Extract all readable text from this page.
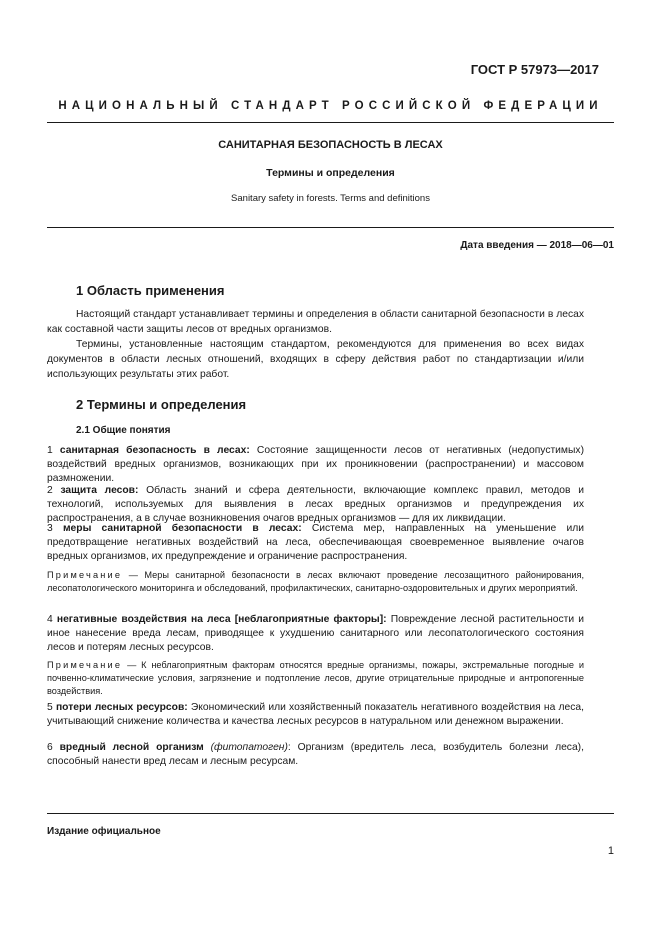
ГОСТ Р 57973—2017
НАЦИОНАЛЬНЫЙ СТАНДАРТ РОССИЙСКОЙ ФЕДЕРАЦИИ
САНИТАРНАЯ БЕЗОПАСНОСТЬ В ЛЕСАХ
Термины и определения
Sanitary safety in forests. Terms and definitions
Дата введения — 2018—06—01
1 Область применения

Настоящий стандарт устанавливает термины и определения в области санитарной безопасности в лесах как составной части защиты лесов от вредных организмов.

Термины, установленные настоящим стандартом, рекомендуются для применения во всех видах документов в области лесных отношений, входящих в сферу действия работ по стандартизации и/или использующих результаты этих работ.

2 Термины и определения
2.1 Общие понятия

1 санитарная безопасность в лесах: Состояние защищенности лесов от негативных (недопустимых) воздействий вредных организмов, возникающих при их проникновении (распространении) и массовом размножении.

2 защита лесов: Область знаний и сфера деятельности, включающие комплекс правил, методов и технологий, используемых для выявления в лесах вредных организмов и предупреждения их распространения, а в случае возникновения очагов вредных организмов — для их ликвидации.

3 меры санитарной безопасности в лесах: Система мер, направленных на уменьшение или предотвращение негативных воздействий на леса, обеспечивающая своевременное выявление очагов вредных организмов, их предупреждение и ограничение распространения.

Примечание — Меры санитарной безопасности в лесах включают проведение лесозащитного районирования, лесопатологического мониторинга и обследований, профилактических, санитарно-оздоровительных и других мероприятий.

4 негативные воздействия на леса [неблагоприятные факторы]: Повреждение лесной растительности и иное нанесение вреда лесам, приводящее к ухудшению санитарного или лесопатологического состояния лесов и потерям лесных ресурсов.

Примечание — К неблагоприятным факторам относятся вредные организмы, пожары, экстремальные погодные и почвенно-климатические условия, загрязнение и подтопление лесов, другие отрицательные природные и антропогенные воздействия.

5 потери лесных ресурсов: Экономический или хозяйственный показатель негативного воздействия на леса, учитывающий снижение количества и качества лесных ресурсов в натуральном или денежном выражении.

6 вредный лесной организм (фитопатоген): Организм (вредитель леса, возбудитель болезни леса), способный нанести вред лесам и лесным ресурсам.

Издание официальное
1
